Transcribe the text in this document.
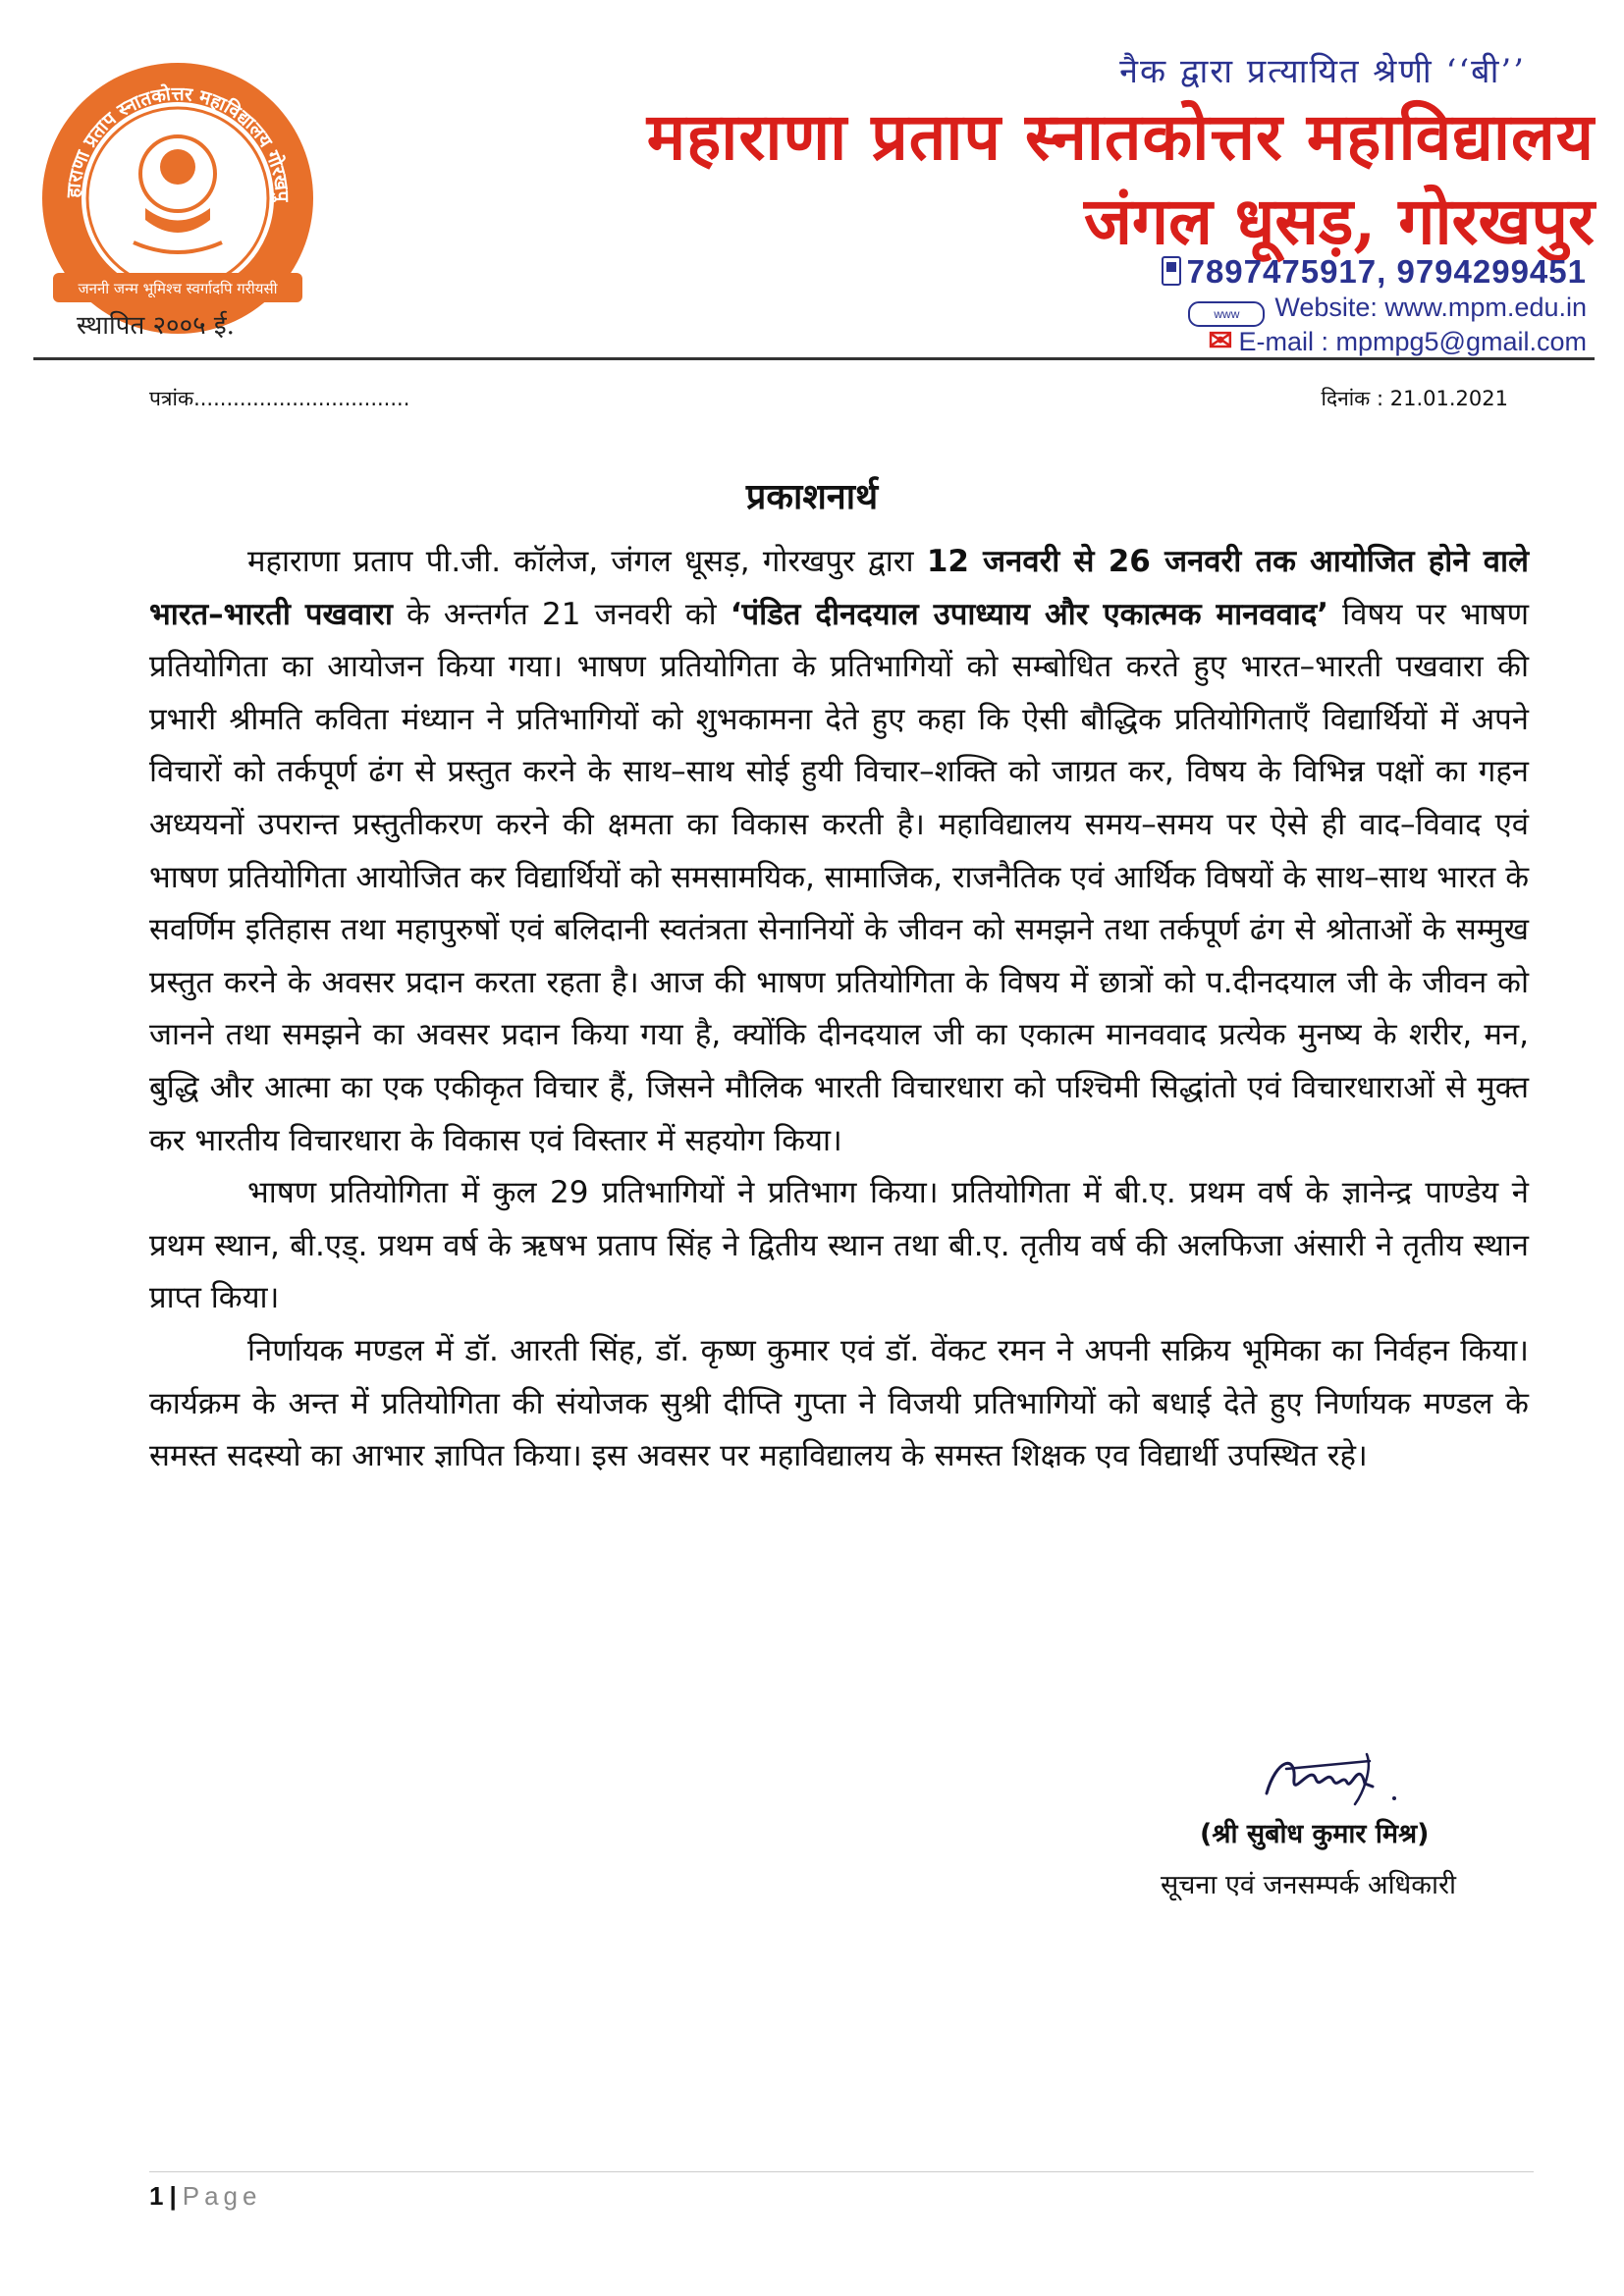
हाराणा प्रताप स्नातकोत्तर महाविद्यालय गोरखपु
जननी जन्म भूमिश्च स्वर्गादपि गरीयसी
स्थापित २००५ ई.
नैक द्वारा प्रत्यायित श्रेणी ‘‘बी’’
महाराणा प्रताप स्नातकोत्तर महाविद्यालय
जंगल धूसड़, गोरखपुर
7897475917, 9794299451
www Website: www.mpm.edu.in
✉ E-mail : mpmpg5@gmail.com
पत्रांक.................................	दिनांक : 21.01.2021
प्रकाशनार्थ

महाराणा प्रताप पी.जी. कॉलेज, जंगल धूसड़, गोरखपुर द्वारा 12 जनवरी से 26 जनवरी तक आयोजित होने वाले भारत–भारती पखवारा के अन्तर्गत 21 जनवरी को ‘पंडित दीनदयाल उपाध्याय और एकात्मक मानववाद’ विषय पर भाषण प्रतियोगिता का आयोजन किया गया। भाषण प्रतियोगिता के प्रतिभागियों को सम्बोधित करते हुए भारत–भारती पखवारा की प्रभारी श्रीमति कविता मंध्यान ने प्रतिभागियों को शुभकामना देते हुए कहा कि ऐसी बौद्धिक प्रतियोगिताएँ विद्यार्थियों में अपने विचारों को तर्कपूर्ण ढंग से प्रस्तुत करने के साथ–साथ सोई हुयी विचार–शक्ति को जाग्रत कर, विषय के विभिन्न पक्षों का गहन अध्ययनों उपरान्त प्रस्तुतीकरण करने की क्षमता का विकास करती है। महाविद्यालय समय–समय पर ऐसे ही वाद–विवाद एवं भाषण प्रतियोगिता आयोजित कर विद्यार्थियों को समसामयिक, सामाजिक, राजनैतिक एवं आर्थिक विषयों के साथ–साथ भारत के सवर्णिम इतिहास तथा महापुरुषों एवं बलिदानी स्वतंत्रता सेनानियों के जीवन को समझने तथा तर्कपूर्ण ढंग से श्रोताओं के सम्मुख प्रस्तुत करने के अवसर प्रदान करता रहता है। आज की भाषण प्रतियोगिता के विषय में छात्रों को प.दीनदयाल जी के जीवन को जानने तथा समझने का अवसर प्रदान किया गया है, क्योंकि दीनदयाल जी का एकात्म मानववाद प्रत्येक मुनष्य के शरीर, मन, बुद्धि और आत्मा का एक एकीकृत विचार हैं, जिसने मौलिक भारती विचारधारा को पश्चिमी सिद्धांतो एवं विचारधाराओं से मुक्त कर भारतीय विचारधारा के विकास एवं विस्तार में सहयोग किया।

भाषण प्रतियोगिता में कुल 29 प्रतिभागियों ने प्रतिभाग किया। प्रतियोगिता में बी.ए. प्रथम वर्ष के ज्ञानेन्द्र पाण्डेय ने प्रथम स्थान, बी.एड्. प्रथम वर्ष के ऋषभ प्रताप सिंह ने द्वितीय स्थान तथा बी.ए. तृतीय वर्ष की अलफिजा अंसारी ने तृतीय स्थान प्राप्त किया।

निर्णायक मण्डल में डॉ. आरती सिंह, डॉ. कृष्ण कुमार एवं डॉ. वेंकट रमन ने अपनी सक्रिय भूमिका का निर्वहन किया। कार्यक्रम के अन्त में प्रतियोगिता की संयोजक सुश्री दीप्ति गुप्ता ने विजयी प्रतिभागियों को बधाई देते हुए निर्णायक मण्डल के समस्त सदस्यो का आभार ज्ञापित किया। इस अवसर पर महाविद्यालय के समस्त शिक्षक एव विद्यार्थी उपस्थित रहे।

(श्री सुबोध कुमार मिश्र)
सूचना एवं जनसम्पर्क अधिकारी
1 | Page
